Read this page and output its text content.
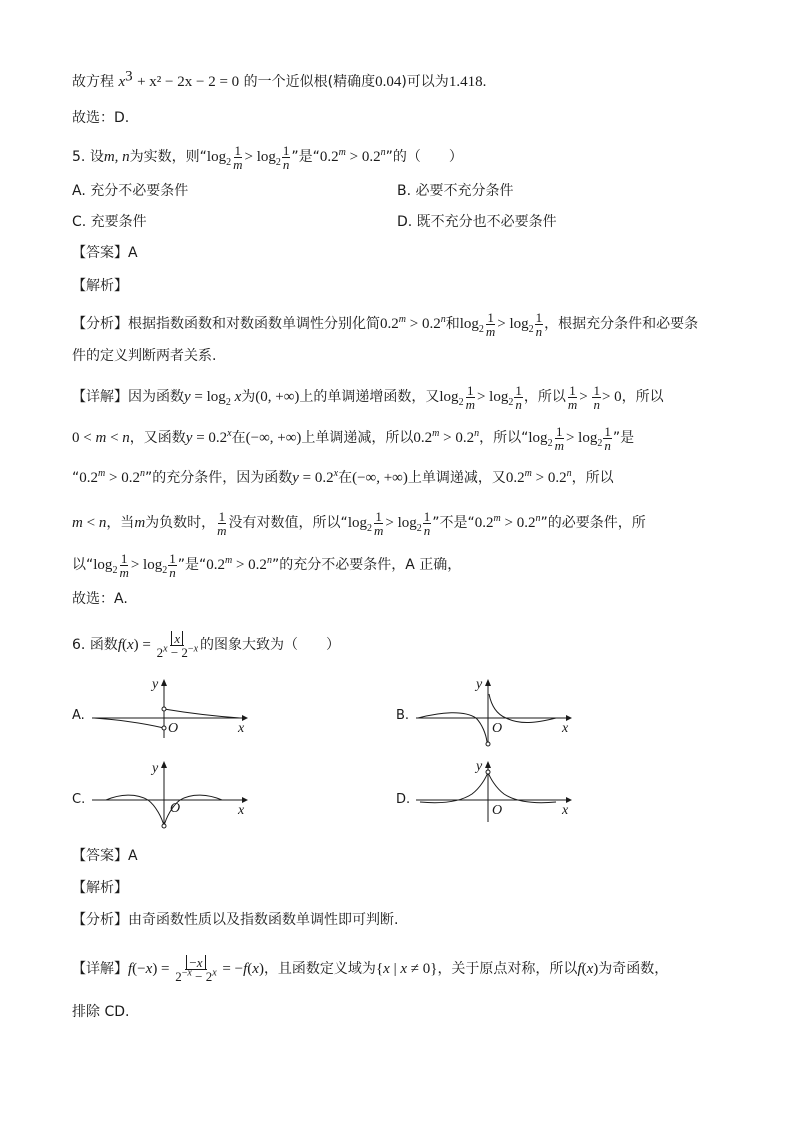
故方程 $x^3 + x^2 - 2x - 2 = 0$ 的一个近似根(精确度0.04)可以为1.418.
故选：D.
5. 设m, n为实数，则“$\log_2 \frac{1}{m} > \log_2 \frac{1}{n}$ ”是“$0.2^m > 0.2^n$”的（　　）
A. 充分不必要条件	B. 必要不充分条件
C. 充要条件	D. 既不充分也不必要条件
【答案】A
【解析】
【分析】根据指数函数和对数函数单调性分别化简$0.2^m > 0.2^n$和$\log_2 \frac{1}{m} > \log_2 \frac{1}{n}$ ，根据充分条件和必要条
件的定义判断两者关系.
【详解】因为函数$y = \log_2 x$为(0, +∞)上的单调递增函数，又$\log_2 \frac{1}{m} > \log_2 \frac{1}{n}$ ，所以 $\frac{1}{m} > \frac{1}{n} > 0$，所以
0 < m < n，又函数$y = 0.2^x$在(−∞, +∞)上单调递减，所以$0.2^m > 0.2^n$，所以“$\log_2 \frac{1}{m} > \log_2 \frac{1}{n}$ ”是
“$0.2^m > 0.2^n$”的充分条件，因为函数$y = 0.2^x$在(−∞, +∞)上单调递减，又$0.2^m > 0.2^n$，所以
m < n，当m为负数时， $\frac{1}{m}$ 没有对数值，所以“$\log_2 \frac{1}{m} > \log_2 \frac{1}{n}$ ”不是“$0.2^m > 0.2^n$”的必要条件，所
以“$\log_2 \frac{1}{m} > \log_2 \frac{1}{n}$ ”是“$0.2^m > 0.2^n$”的充分不必要条件，A 正确，
故选：A.
6. 函数$f(x) = \frac{x}{2^x - 2^{-x}}$ 的图象大致为（　　）
A.
y
x
O
B.
y
x
O
C.
y
x
O
D.
y
x
O
【答案】A
【解析】
【分析】由奇函数性质以及指数函数单调性即可判断.
【详解】$f(-x) = \frac{-x}{2^{-x} - 2^x} = -f(x)$，且函数定义域为{x | x ≠ 0}，关于原点对称，所以f(x)为奇函数，
排除 CD.
